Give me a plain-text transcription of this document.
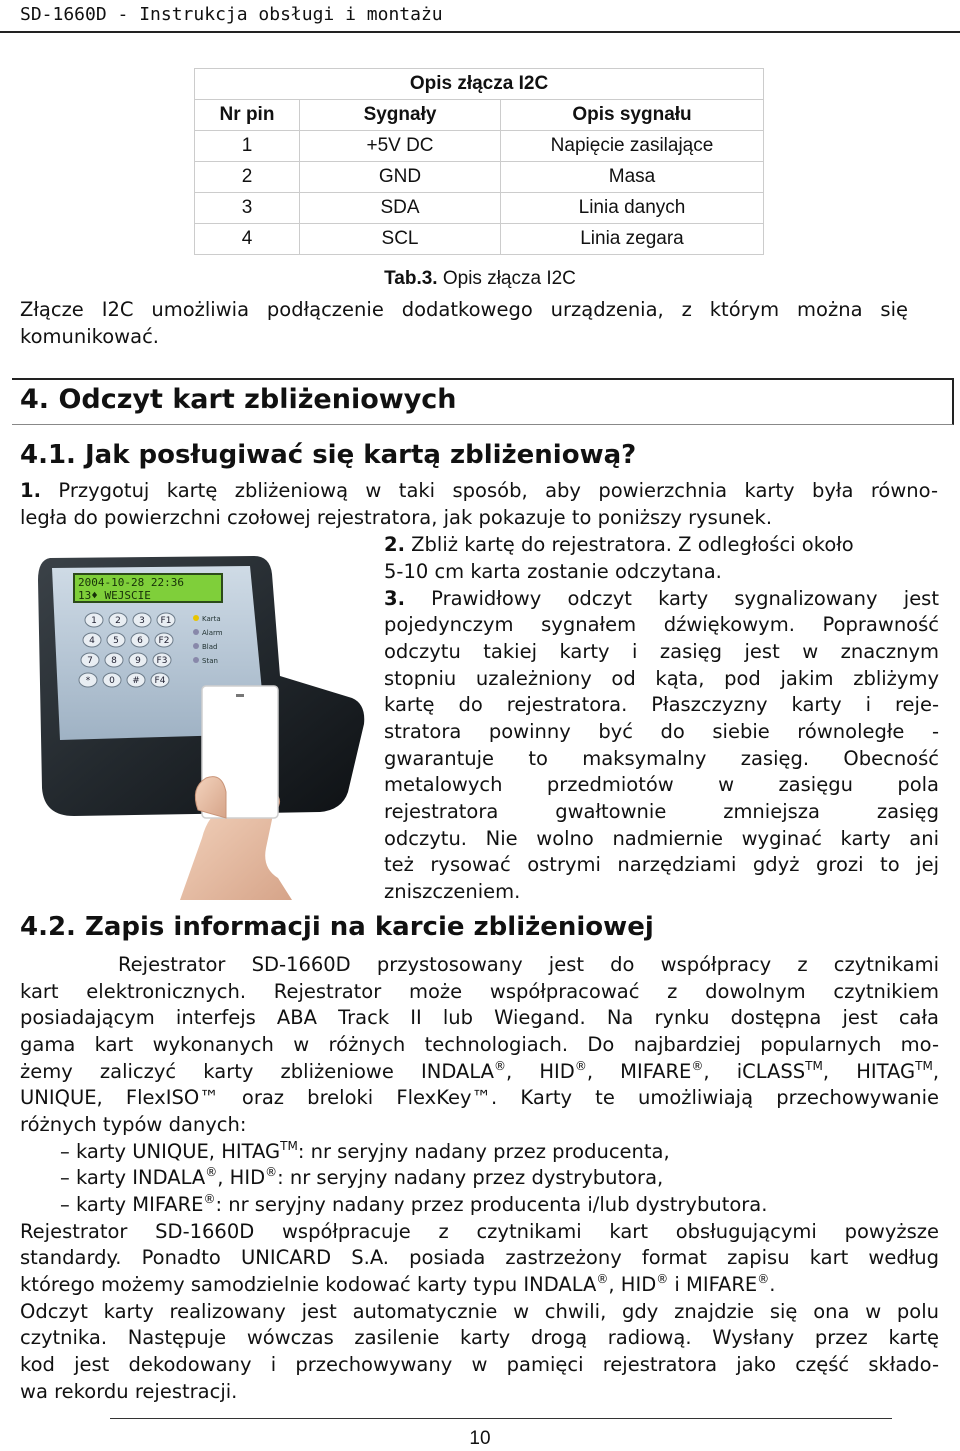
SD-1660D - Instrukcja obsługi i montażu
Opis złącza I2C		
Nr pin	Sygnały	Opis sygnału
1	+5V DC	Napięcie zasilające
2	GND	Masa
3	SDA	Linia danych
4	SCL	Linia zegara
Tab.3. Opis złącza I2C

Złącze I2C umożliwia podłączenie dodatkowego urządzenia, z którym można się

komunikować.

4. Odczyt kart zbliżeniowych
4.1. Jak posługiwać się kartą zbliżeniową?

1. Przygotuj kartę zbliżeniową w taki sposób, aby powierzchnia karty była równo-

legła do powierzchni czołowej rejestratora, jak pokazuje to poniższy rysunek.

2. Zbliż kartę do rejestratora. Z odległości około

5-10 cm karta zostanie odczytana.

3. Prawidłowy odczyt karty sygnalizowany jest

pojedynczym sygnałem dźwiękowym. Poprawność

odczytu takiej karty i zasięg jest w znacznym

stopniu uzależniony od kąta, pod jakim zbliżymy

kartę do rejestratora. Płaszczyzny karty i reje-

stratora powinny być do siebie równoległe -

gwarantuje to maksymalny zasięg. Obecność

metalowych przedmiotów w zasięgu pola

rejestratora gwałtownie zmniejsza zasięg

odczytu. Nie wolno nadmiernie wyginać karty ani

też rysować ostrymi narzędziami gdyż grozi to jej

zniszczeniem.

2004-10-28 22:36
13♦ WEJSCIE
1 2 3 F1
4 5 6 F2
7 8 9 F3
* 0 # F4
Karta
Alarm
Blad
Stan
4.2. Zapis informacji na karcie zbliżeniowej

Rejestrator SD-1660D przystosowany jest do współpracy z czytnikami

kart elektronicznych. Rejestrator może współpracować z dowolnym czytnikiem

posiadającym interfejs ABA Track II lub Wiegand. Na rynku dostępna jest cała

gama kart wykonanych w różnych technologiach. Do najbardziej popularnych mo-

żemy zaliczyć karty zbliżeniowe INDALA®, HID®, MIFARE®, iCLASS™, HITAG™,

UNIQUE, FlexISO™ oraz breloki FlexKey™. Karty te umożliwiają przechowywanie

różnych typów danych:

– karty UNIQUE, HITAG™: nr seryjny nadany przez producenta,

– karty INDALA®, HID®: nr seryjny nadany przez dystrybutora,

– karty MIFARE®: nr seryjny nadany przez producenta i/lub dystrybutora.

Rejestrator SD-1660D współpracuje z czytnikami kart obsługującymi powyższe

standardy. Ponadto UNICARD S.A. posiada zastrzeżony format zapisu kart według

którego możemy samodzielnie kodować karty typu INDALA®, HID® i MIFARE®.

Odczyt karty realizowany jest automatycznie w chwili, gdy znajdzie się ona w polu

czytnika. Następuje wówczas zasilenie karty drogą radiową. Wysłany przez kartę

kod jest dekodowany i przechowywany w pamięci rejestratora jako część składo-

wa rekordu rejestracji.

10
